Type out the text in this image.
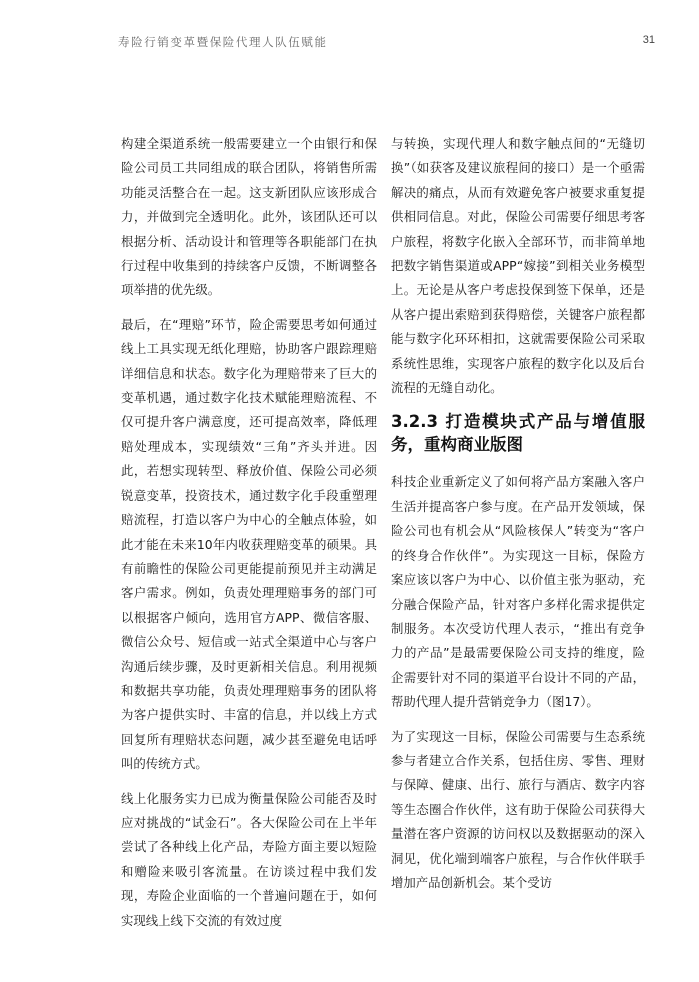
寿险行销变革暨保险代理人队伍赋能	31

构建全渠道系统一般需要建立一个由银行和保险公司员工共同组成的联合团队，将销售所需功能灵活整合在一起。这支新团队应该形成合力，并做到完全透明化。此外，该团队还可以根据分析、活动设计和管理等各职能部门在执行过程中收集到的持续客户反馈，不断调整各项举措的优先级。

最后，在“理赔”环节，险企需要思考如何通过线上工具实现无纸化理赔，协助客户跟踪理赔详细信息和状态。数字化为理赔带来了巨大的变革机遇，通过数字化技术赋能理赔流程、不仅可提升客户满意度，还可提高效率，降低理赔处理成本，实现绩效“三角”齐头并进。因此，若想实现转型、释放价值、保险公司必须锐意变革，投资技术，通过数字化手段重塑理赔流程，打造以客户为中心的全触点体验，如此才能在未来10年内收获理赔变革的硕果。具有前瞻性的保险公司更能提前预见并主动满足客户需求。例如，负责处理理赔事务的部门可以根据客户倾向，选用官方APP、微信客服、微信公众号、短信或一站式全渠道中心与客户沟通后续步骤，及时更新相关信息。利用视频和数据共享功能，负责处理理赔事务的团队将为客户提供实时、丰富的信息，并以线上方式回复所有理赔状态问题，减少甚至避免电话呼叫的传统方式。

线上化服务实力已成为衡量保险公司能否及时应对挑战的“试金石”。各大保险公司在上半年尝试了各种线上化产品，寿险方面主要以短险和赠险来吸引客流量。在访谈过程中我们发现，寿险企业面临的一个普遍问题在于，如何实现线上线下交流的有效过度

与转换，实现代理人和数字触点间的“无缝切换”（如获客及建议旅程间的接口）是一个亟需解决的痛点，从而有效避免客户被要求重复提供相同信息。对此，保险公司需要仔细思考客户旅程，将数字化嵌入全部环节，而非简单地把数字销售渠道或APP“嫁接”到相关业务模型上。无论是从客户考虑投保到签下保单，还是从客户提出索赔到获得赔偿，关键客户旅程都能与数字化环环相扣，这就需要保险公司采取系统性思维，实现客户旅程的数字化以及后台流程的无缝自动化。

3.2.3 打造模块式产品与增值服务，重构商业版图

科技企业重新定义了如何将产品方案融入客户生活并提高客户参与度。在产品开发领域，保险公司也有机会从“风险核保人”转变为“客户的终身合作伙伴”。为实现这一目标，保险方案应该以客户为中心、以价值主张为驱动，充分融合保险产品，针对客户多样化需求提供定制服务。本次受访代理人表示，“推出有竞争力的产品”是最需要保险公司支持的维度，险企需要针对不同的渠道平台设计不同的产品，帮助代理人提升营销竞争力（图17）。

为了实现这一目标，保险公司需要与生态系统参与者建立合作关系，包括住房、零售、理财与保障、健康、出行、旅行与酒店、数字内容等生态圈合作伙伴，这有助于保险公司获得大量潜在客户资源的访问权以及数据驱动的深入洞见，优化端到端客户旅程，与合作伙伴联手增加产品创新机会。某个受访
